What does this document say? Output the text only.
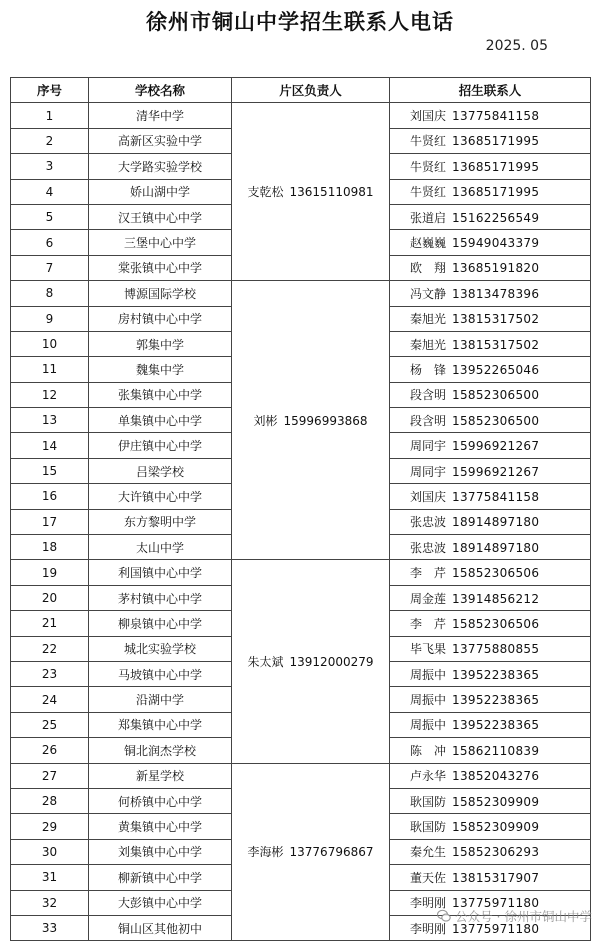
徐州市铜山中学招生联系人电话
2025. 05
序号	学校名称	片区负责人	招生联系人
1	清华中学	支乾松 13615110981	刘国庆 13775841158
2	高新区实验中学		牛贤红 13685171995
3	大学路实验学校		牛贤红 13685171995
4	娇山湖中学		牛贤红 13685171995
5	汉王镇中心中学		张道启 15162256549
6	三堡中心中学		赵巍巍 15949043379
7	棠张镇中心中学		欧 翔 13685191820
8	博源国际学校	刘彬 15996993868	冯文静 13813478396
9	房村镇中心中学		秦旭光 13815317502
10	郭集中学		秦旭光 13815317502
11	魏集中学		杨 锋 13952265046
12	张集镇中心中学		段含明 15852306500
13	单集镇中心中学		段含明 15852306500
14	伊庄镇中心中学		周同宇 15996921267
15	吕梁学校		周同宇 15996921267
16	大许镇中心中学		刘国庆 13775841158
17	东方黎明中学		张忠波 18914897180
18	太山中学		张忠波 18914897180
19	利国镇中心中学	朱太斌 13912000279	李 芹 15852306506
20	茅村镇中心中学		周金莲 13914856212
21	柳泉镇中心中学		李 芹 15852306506
22	城北实验学校		毕飞果 13775880855
23	马坡镇中心中学		周振中 13952238365
24	沿湖中学		周振中 13952238365
25	郑集镇中心中学		周振中 13952238365
26	铜北润杰学校		陈 冲 15862110839
27	新星学校	李海彬 13776796867	卢永华 13852043276
28	何桥镇中心中学		耿国防 15852309909
29	黄集镇中心中学		耿国防 15852309909
30	刘集镇中心中学		秦允生 15852306293
31	柳新镇中心中学		董天佐 13815317907
32	大彭镇中心中学		李明刚 13775971180
33	铜山区其他初中		李明刚 13775971180
公众号 · 徐州市铜山中学
